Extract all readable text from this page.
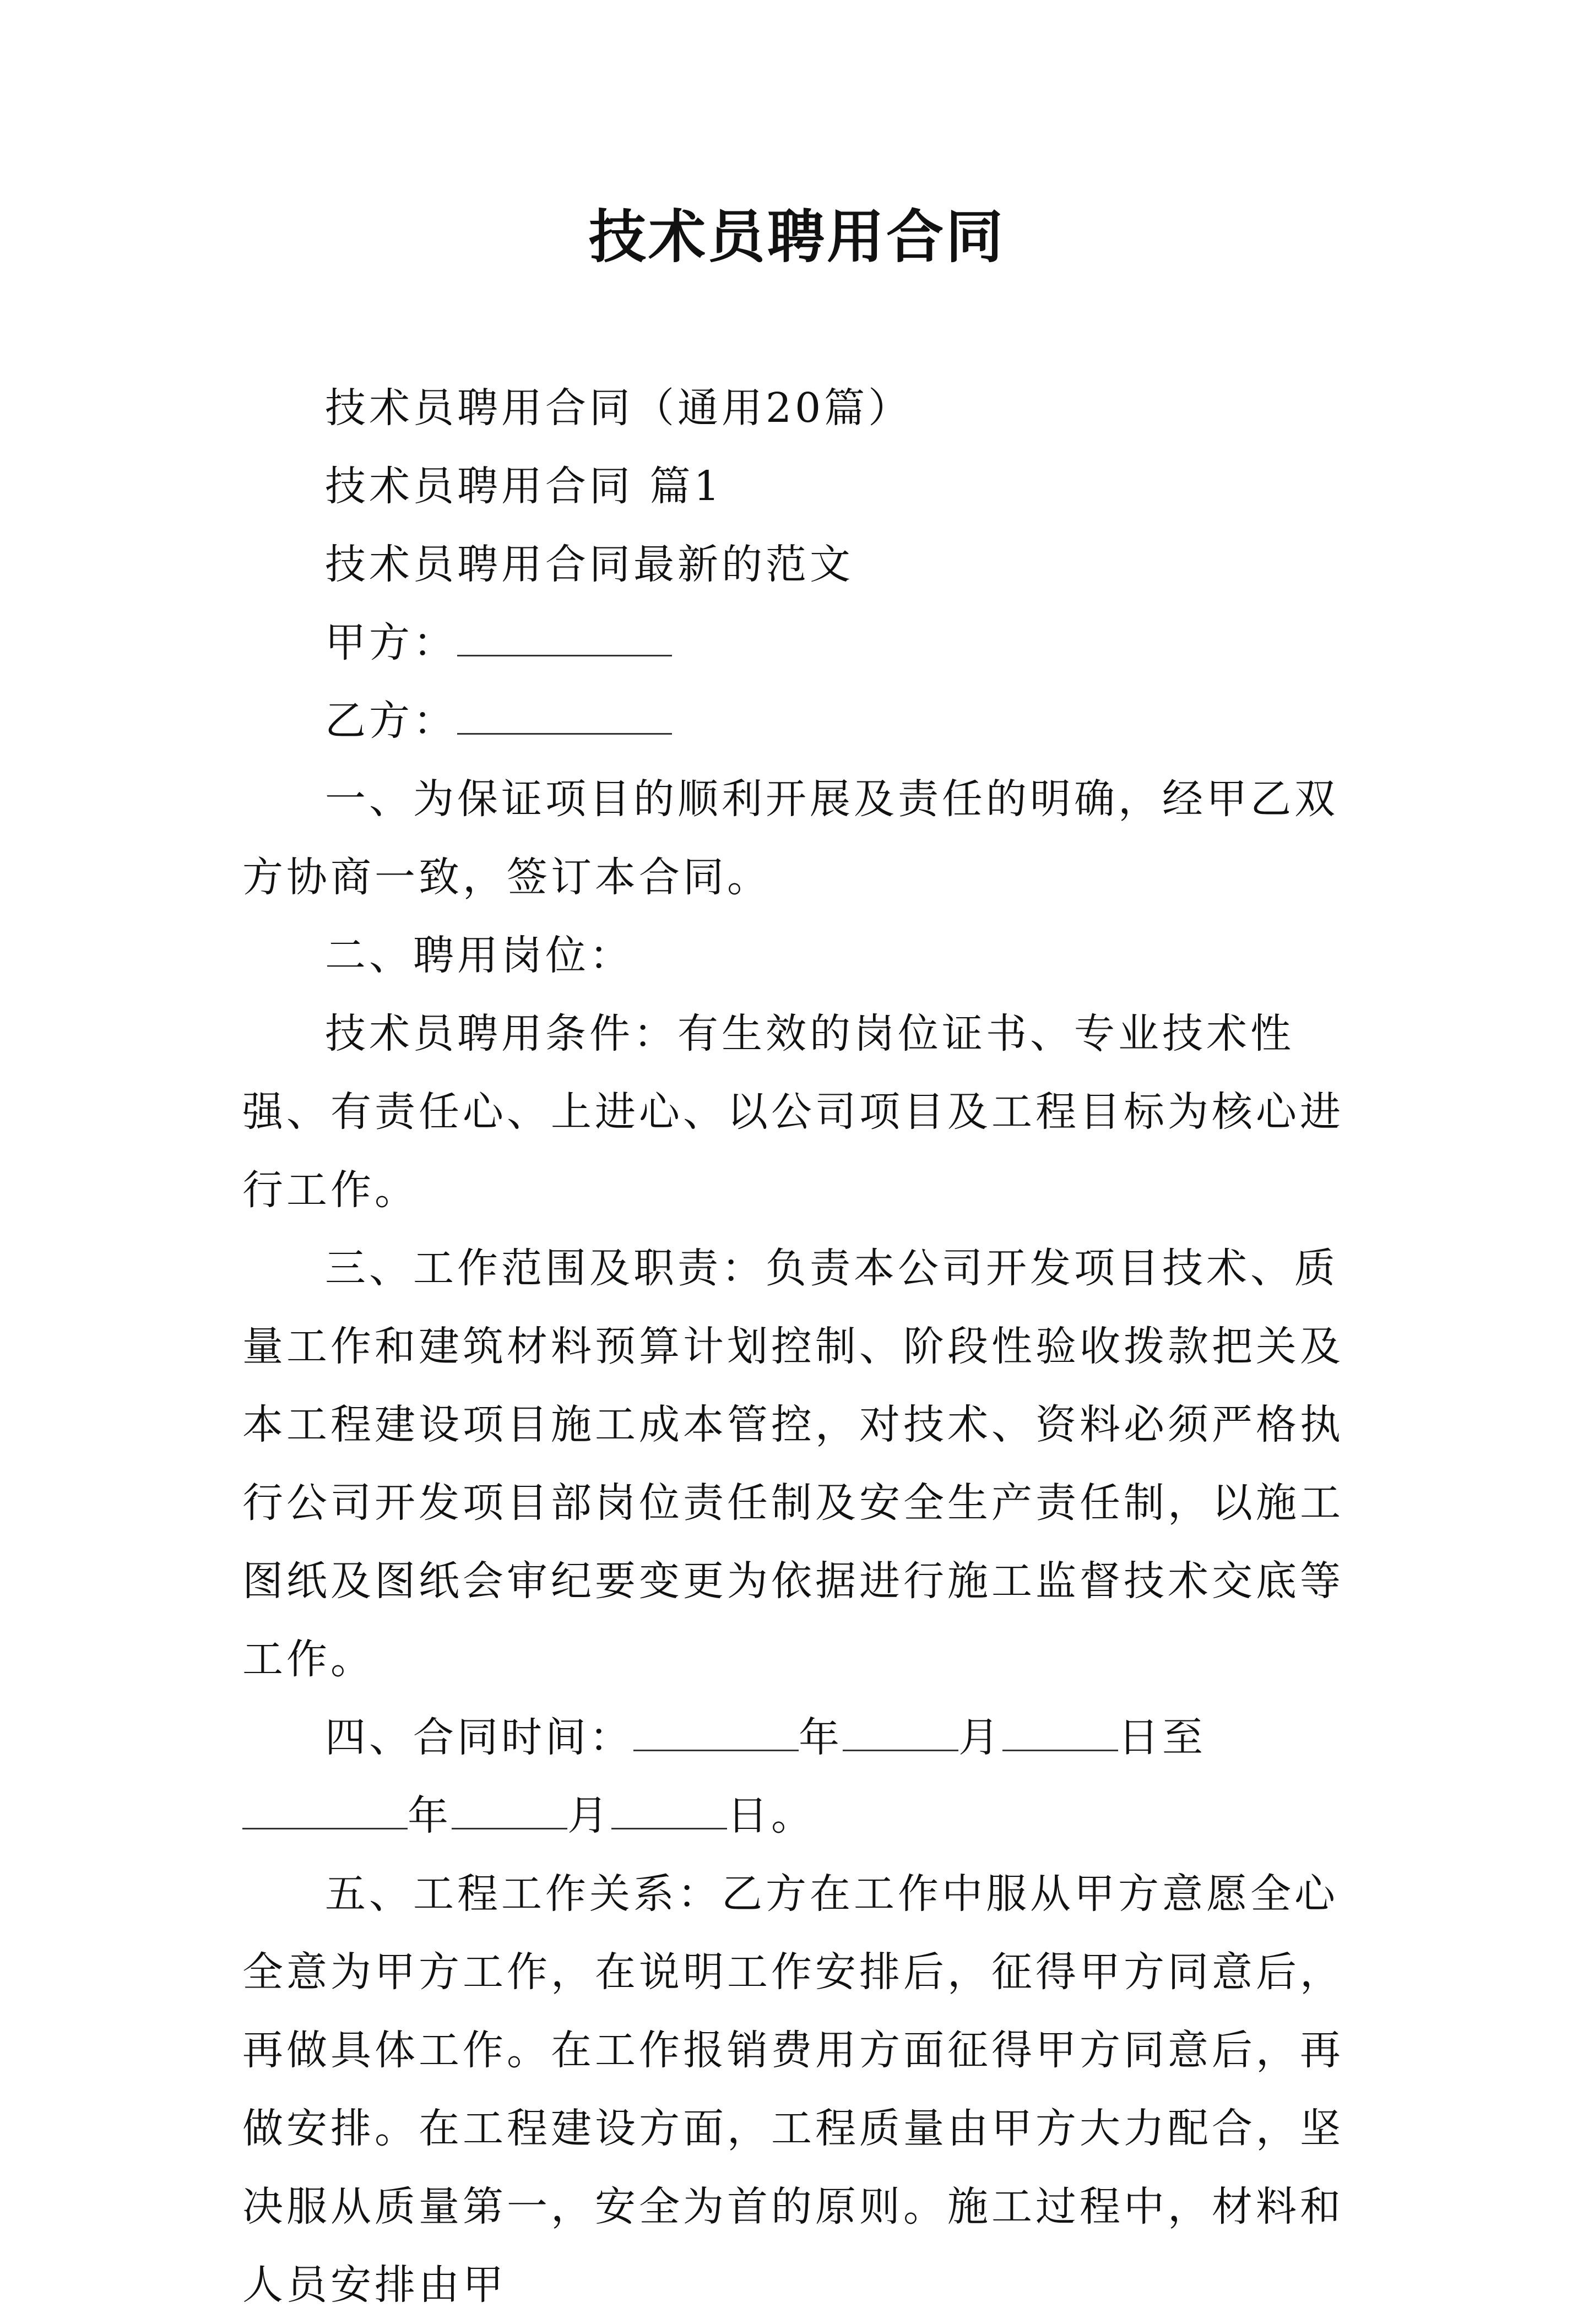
技术员聘用合同

技术员聘用合同（通用20篇）

技术员聘用合同 篇1

技术员聘用合同最新的范文

甲方：

乙方：

一、为保证项目的顺利开展及责任的明确，经甲乙双方协商一致，签订本合同。

二、聘用岗位：

技术员聘用条件：有生效的岗位证书、专业技术性强、有责任心、上进心、以公司项目及工程目标为核心进行工作。

三、工作范围及职责：负责本公司开发项目技术、质量工作和建筑材料预算计划控制、阶段性验收拨款把关及本工程建设项目施工成本管控，对技术、资料必须严格执行公司开发项目部岗位责任制及安全生产责任制，以施工图纸及图纸会审纪要变更为依据进行施工监督技术交底等工作。

四、合同时间：	年	月	日至年	月	日。

五、工程工作关系：乙方在工作中服从甲方意愿全心全意为甲方工作，在说明工作安排后，征得甲方同意后，再做具体工作。在工作报销费用方面征得甲方同意后，再做安排。在工程建设方面，工程质量由甲方大力配合，坚决服从质量第一，安全为首的原则。施工过程中，材料和人员安排由甲
